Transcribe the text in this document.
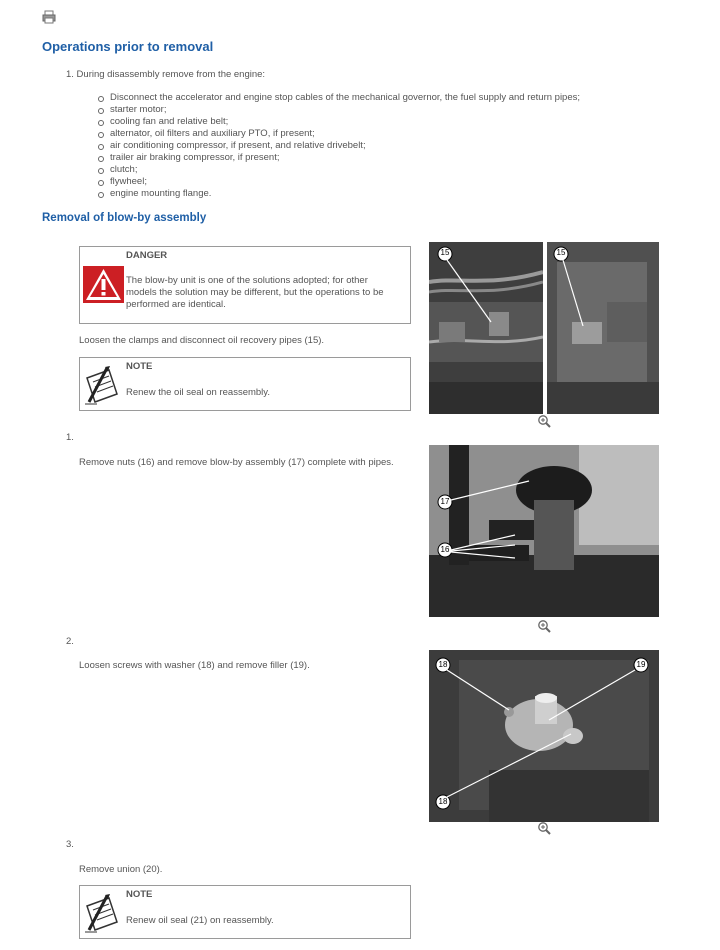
Operations prior to removal
1. During disassembly remove from the engine:
Disconnect the accelerator and engine stop cables of the mechanical governor, the fuel supply and return pipes;
starter motor;
cooling fan and relative belt;
alternator, oil filters and auxiliary PTO, if present;
air conditioning compressor, if present, and relative drivebelt;
trailer air braking compressor, if present;
clutch;
flywheel;
engine mounting flange.
Removal of blow-by assembly
DANGER
The blow-by unit is one of the solutions adopted; for other
models the solution may be different, but the operations to be
performed are identical.
Loosen the clamps and disconnect oil recovery pipes (15).
NOTE
Renew the oil seal on reassembly.
15	15
1.
Remove nuts (16) and remove blow-by assembly (17) complete with pipes.
17
16
2.
Loosen screws with washer (18) and remove filler (19).	18	19
18
3.
Remove union (20).
NOTE
Renew oil seal (21) on reassembly.
